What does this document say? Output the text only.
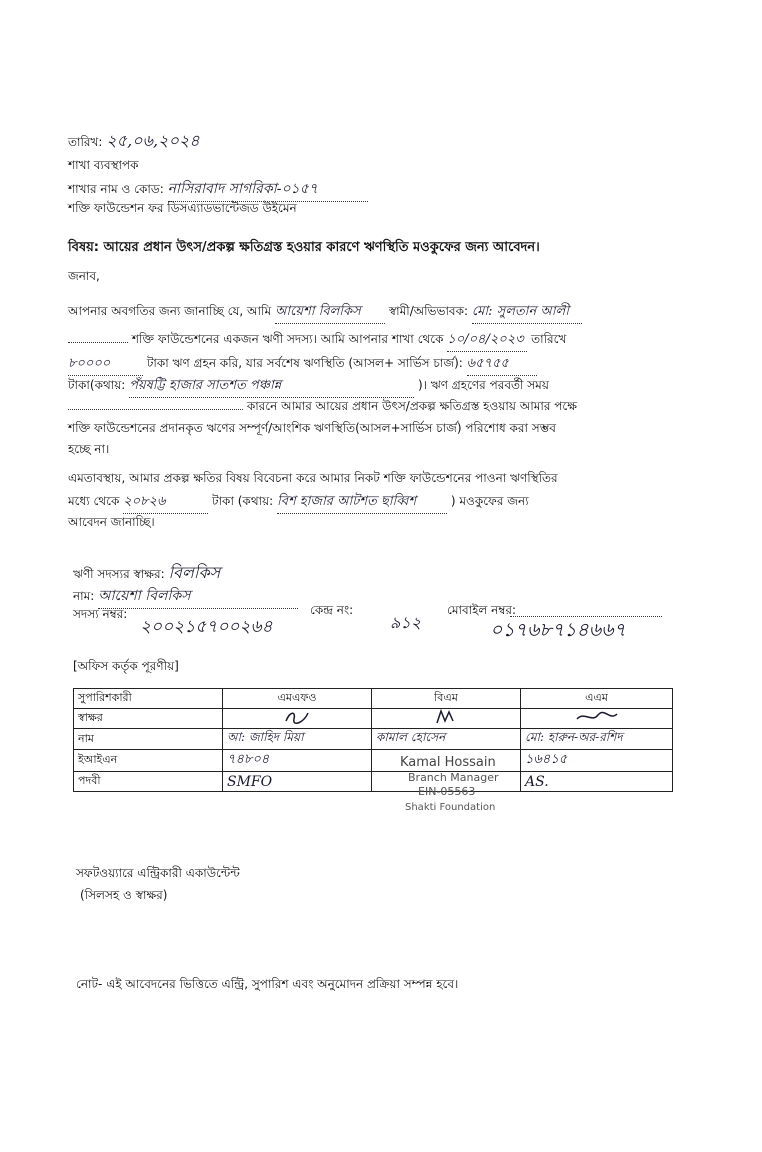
তারিখ: ২৫,০৬,২০২৪
শাখা ব্যবস্থাপক
শাখার নাম ও কোড: নাসিরাবাদ সাগরিকা-০১৫৭
শক্তি ফাউন্ডেশন ফর ডিসএ্যাডভান্টেজড উইমেন
বিষয়: আয়ের প্রধান উৎস/প্রকল্প ক্ষতিগ্রস্ত হওয়ার কারণে ঋণস্থিতি মওকুফের জন্য আবেদন।
জনাব,
আপনার অবগতির জন্য জানাচ্ছি যে, আমি আয়েশা বিলকিস স্বামী/অভিভাবক: মো: সুলতান আলী
শক্তি ফাউন্ডেশনের একজন ঋণী সদস্য। আমি আপনার শাখা থেকে ১০/০৪/২০২৩ তারিখে
৮০০০০	টাকা ঋণ গ্রহন করি, যার সর্বশেষ ঋণস্থিতি (আসল+ সার্ভিস চার্জ): ৬৫৭৫৫
টাকা(কথায়: পঁয়ষট্টি হাজার সাতশত পঞ্চান্ন	)। ঋণ গ্রহণের পরবর্তী সময়
কারনে আমার আয়ের প্রধান উৎস/প্রকল্প ক্ষতিগ্রস্ত হওয়ায় আমার পক্ষে
শক্তি ফাউন্ডেশনের প্রদানকৃত ঋণের সম্পূর্ণ/আংশিক ঋণস্থিতি(আসল+সার্ভিস চার্জ) পরিশোধ করা সম্ভব
হচ্ছে না।
এমতাবস্থায়, আমার প্রকল্প ক্ষতির বিষয় বিবেচনা করে আমার নিকট শক্তি ফাউন্ডেশনের পাওনা ঋণস্থিতির
মধ্যে থেকে ২০৮২৬	টাকা (কথায়: বিশ হাজার আটশত ছাব্বিশ	) মওকুফের জন্য
আবেদন জানাচ্ছি।
ঋণী সদস্যর স্বাক্ষর: বিলকিস
নাম: আয়েশা বিলকিস
সদস্য নম্বর:
২০০২১৫৭০০২৬৪
কেন্দ্র নং:
৯১২
মোবাইল নম্বর:
০১৭৬৮৭১৪৬৬৭
[অফিস কর্তৃক পূরণীয়]
সুপারিশকারী	এমএফও	বিএম	এএম
স্বাক্ষর			
নাম	আ: জাহিদ মিয়া	কামাল হোসেন	মো: হারুন-অর-রশিদ
ইআইএন	৭৪৮০৪		১৬৪১৫
পদবী	SMFO		AS.
Kamal Hossain
Branch Manager
EIN-05563
Shakti Foundation
সফটওয়্যারে এন্ট্রিকারী একাউন্টেন্ট
(সিলসহ ও স্বাক্ষর)
নোট- এই আবেদনের ভিত্তিতে এন্ট্রি, সুপারিশ এবং অনুমোদন প্রক্রিয়া সম্পন্ন হবে।
